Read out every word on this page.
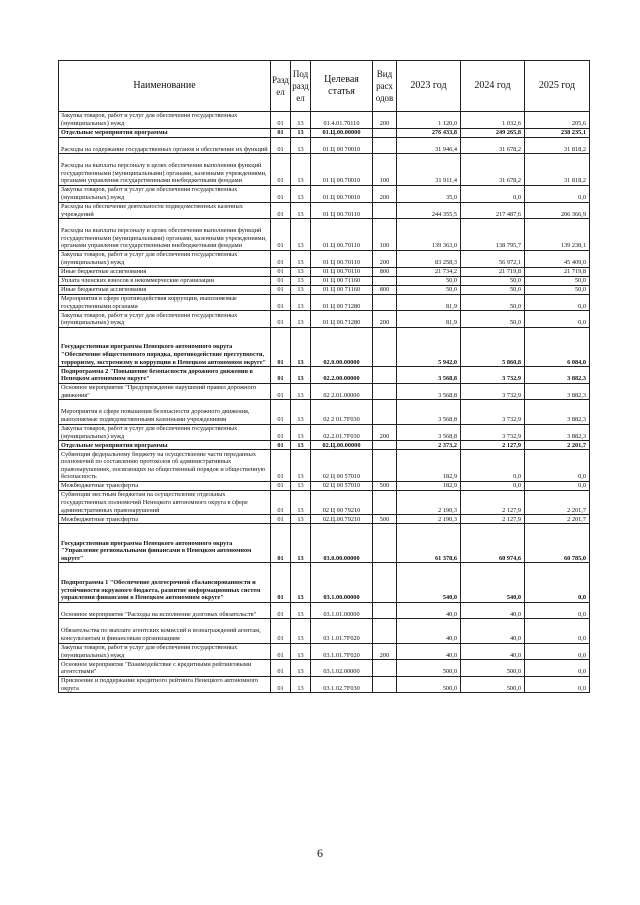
Наименование	Раздел	Подраздел	Целевая статья	Вид расходов	2023 год	2024 год	2025 год
Закупка товаров, работ и услуг для обеспечения государственных (муниципальных) нужд	01	13	01.4.01.70110	200	1 120,0	1 032,6	205,6
Отдельные мероприятия программы	01	13	01.Ц.00.00000		276 433,8	249 265,8	238 235,1
Расходы на содержание государственных органов и обеспечение их функций	01	13	01 Ц 00 70010		31 946,4	31 678,2	31 818,2
Расходы на выплаты персоналу в целях обеспечения выполнения функций государственными (муниципальными) органами, казенными учреждениями, органами управления государственными внебюджетными фондами	01	13	01 Ц 00.70010	100	31 911,4	31 678,2	31 818,2
Закупка товаров, работ и услуг для обеспечения государственных (муниципальных) нужд	01	13	01 Ц 00.70010	200	35,0	0,0	0,0
Расходы на обеспечение деятельности подведомственных казенных учреждений	01	13	01 Ц 00.70110		244 355,5	217 487,6	206 366,9
Расходы на выплаты персоналу в целях обеспечения выполнения функций государственными (муниципальными) органами, казенными учреждениями, органами управления государственными внебюджетными фондами	01	13	01 Ц 00.70110	100	139 363,0	138 795,7	139 238,1
Закупка товаров, работ и услуг для обеспечения государственных (муниципальных) нужд	01	13	01 Ц 00.70110	200	83 258,3	56 972,1	45 409,0
Иные бюджетные ассигнования	01	13	01 Ц 00.70110	800	21 734,2	21 719,8	21 719,8
Уплата членских взносов в некоммерческие организации	01	13	01 Ц 00 71160		50,0	50,0	50,0
Иные бюджетные ассигнования	01	13	01 Ц 00 71160	800	50,0	50,0	50,0
Мероприятия в сфере противодействия коррупции, выполняемые государственными органами	01	13	01 Ц 00 71280		81,9	50,0	0,0
Закупка товаров, работ и услуг для обеспечения государственных (муниципальных) нужд	01	13	01 Ц 00.71280	200	81,9	50,0	0,0
Государственная программа Ненецкого автономного округа "Обеспечение общественного порядка, противодействие преступности, терроризму, экстремизму и коррупции в Ненецком автономном округе"	01	13	02.0.00.00000		5 942,0	5 860,8	6 084,0
Подпрограмма 2 "Повышение безопасности дорожного движения в Ненецком автономном округе"	01	13	02.2.00.00000		3 568,8	3 732,9	3 882,3
Основное мероприятие "Предупреждение нарушений правил дорожного движения"	01	13	02 2.01.00000		3 568,8	3 732,9	3 882,3
Мероприятия в сфере повышения безопасности дорожного движения, выполняемые подведомственными казенными учреждениями	01	13	02 2 01.7F030		3 568,8	3 732,9	3 882,3
Закупка товаров, работ и услуг для обеспечения государственных (муниципальных) нужд	01	13	02.2.01.7F030	200	3 568,8	3 732,9	3 882,3
Отдельные мероприятия программы	01	13	02.Ц.00.00000		2 373,2	2 127,9	2 201,7
Субвенции федеральному бюджету на осуществление части переданных полномочий по составлению протоколов об административных правонарушениях, посягающих на общественный порядок и общественную безопасность	01	13	02 Ц 00 57010		182,9	0,0	0,0
Межбюджетные трансферты	01	13	02 Ц 00 57010	500	182,9	0,0	0,0
Субвенции местным бюджетам на осуществление отдельных государственных полномочий Ненецкого автономного округа в сфере административных правонарушений	01	13	02 Ц 00 79210		2 190,3	2 127,9	2 201,7
Межбюджетные трансферты	01	13	02.Ц.00.79210	500	2 190,3	2 127,9	2 201,7
Государственная программа Ненецкого автономного округа "Управление региональными финансами в Ненецком автономном округе"	01	13	03.0.00.00000		61 378,6	60 974,6	60 785,0
Подпрограмма 1 "Обеспечение долгосрочной сбалансированности и устойчивости окружного бюджета, развитие информационных систем управления финансами в Ненецком автономном округе"	01	13	03.1.00.00000		540,0	540,0	0,0
Основное мероприятие "Расходы на исполнение долговых обязательств"	01	13	03.1.01.00000		40,0	40,0	0,0
Обязательства по выплате агентских комиссий и вознаграждений агентам, консультантам и финансовым организациям	01	13	03 1.01.7F020		40,0	40,0	0,0
Закупка товаров, работ и услуг для обеспечения государственных (муниципальных) нужд	01	13	03.1.01.7F020	200	40,0	40,0	0,0
Основное мероприятие "Взаимодействие с кредитными рейтинговыми агентствами"	01	13	03.1.02.00000		500,0	500,0	0,0
Присвоение и поддержание кредитного рейтинга Ненецкого автономного округа	01	13	03.1.02.7F030		500,0	500,0	0,0
6
